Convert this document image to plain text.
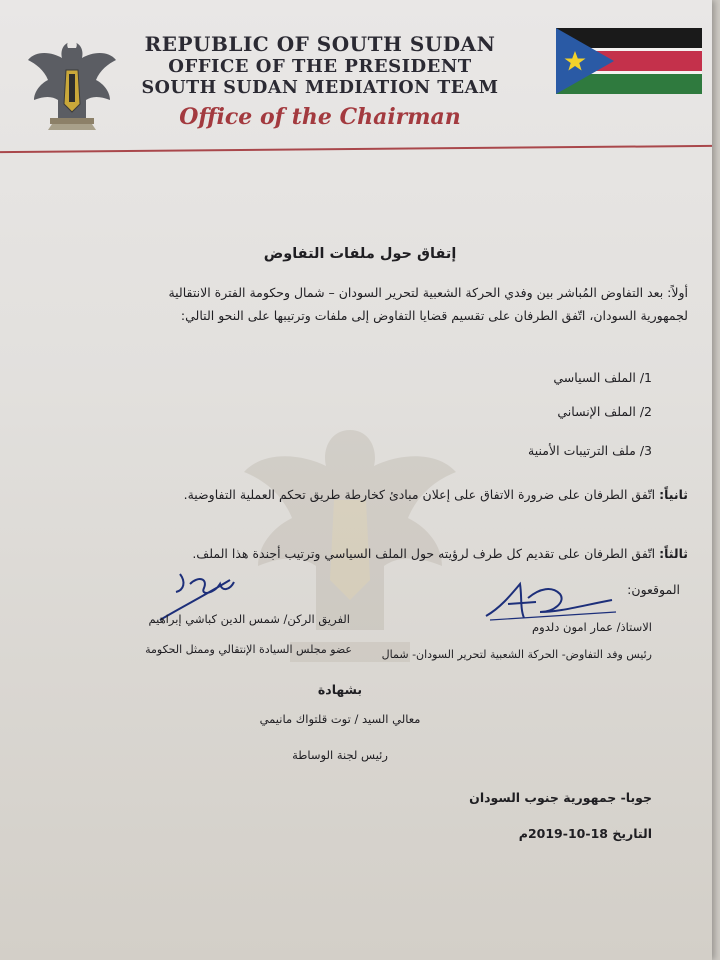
REPUBLIC OF SOUTH SUDAN
OFFICE OF THE PRESIDENT
SOUTH SUDAN MEDIATION TEAM
Office of the Chairman
إتفاق حول ملفات التفاوض
أولاً: بعد التفاوض المُباشر بين وفدي الحركة الشعبية لتحرير السودان – شمال وحكومة الفترة الانتقالية لجمهورية السودان، اتّفق الطرفان على تقسيم قضايا التفاوض إلى ملفات وترتيبها على النحو التالي:
1/ الملف السياسي
2/ الملف الإنساني
3/ ملف الترتيبات الأمنية
ثانياً: اتّفق الطرفان على ضرورة الاتفاق على إعلان مبادئ كخارطة طريق تحكم العملية التفاوضية.
ثالثاً: اتّفق الطرفان على تقديم كل طرف لرؤيته حول الملف السياسي وترتيب أجندة هذا الملف.
الموقعون:
الاستاذ/ عمار امون دلدوم
الفريق الركن/ شمس الدين كباشي إبراهيم
رئيس وفد التفاوض- الحركة الشعبية لتحرير السودان- شمال
عضو مجلس السيادة الإنتقالي وممثل الحكومة
بشهادة
معالي السيد / توت قلتواك مانيمي
رئيس لجنة الوساطة
جوبا- جمهورية جنوب السودان
التاريخ 18-10-2019م
